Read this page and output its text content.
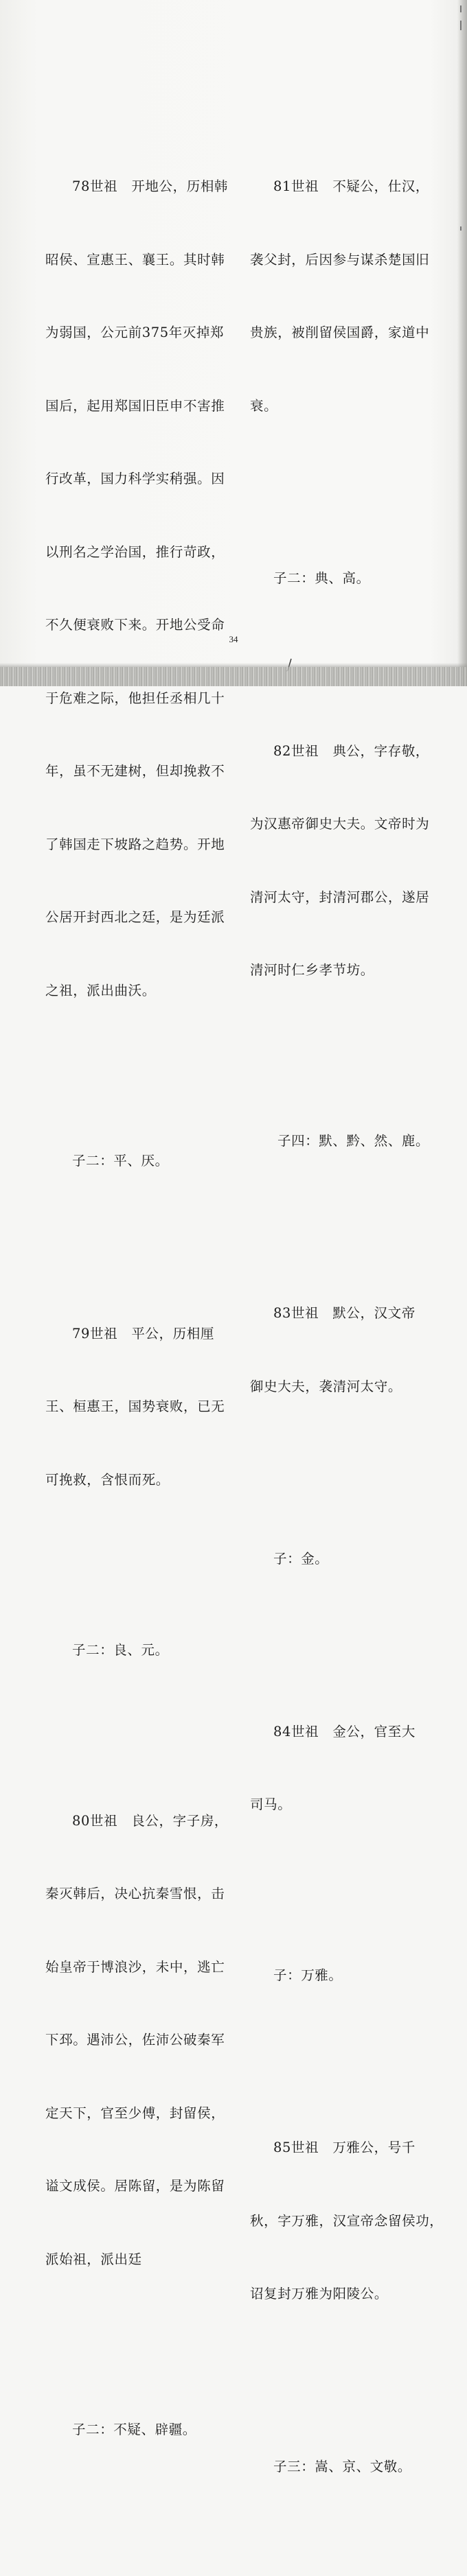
78世祖　开地公，历相韩

昭侯、宣惠王、襄王。其时韩

为弱国，公元前375年灭掉郑

国后，起用郑国旧臣申不害推

行改革，国力科学实稍强。因

以刑名之学治国，推行苛政，

不久便衰败下来。开地公受命

于危难之际，他担任丞相几十

年，虽不无建树，但却挽救不

了韩国走下坡路之趋势。开地

公居开封西北之廷，是为廷派

之祖，派出曲沃。

子二：平、厌。

79世祖　平公，历相厘

王、桓惠王，国势衰败，已无

可挽救，含恨而死。

子二：良、元。

80世祖　良公，字子房，

秦灭韩后，决心抗秦雪恨，击

始皇帝于博浪沙，未中，逃亡

下邳。遇沛公，佐沛公破秦军

定天下，官至少傅，封留侯，

谥文成侯。居陈留，是为陈留

派始祖，派出廷

子二：不疑、辟疆。

81世祖　不疑公，仕汉，

袭父封，后因参与谋杀楚国旧

贵族，被削留侯国爵，家道中

衰。

子二：典、高。

82世祖　典公，字存敬，

为汉惠帝御史大夫。文帝时为

清河太守，封清河郡公，遂居

清河时仁乡孝节坊。

子四：默、黔、然、鹿。

83世祖　默公，汉文帝

御史大夫，袭清河太守。

子：金。

84世祖　金公，官至大

司马。

子：万雅。

85世祖　万雅公，号千

秋，字万雅，汉宣帝念留侯功，

诏复封万雅为阳陵公。

子三：嵩、京、文敬。

34
